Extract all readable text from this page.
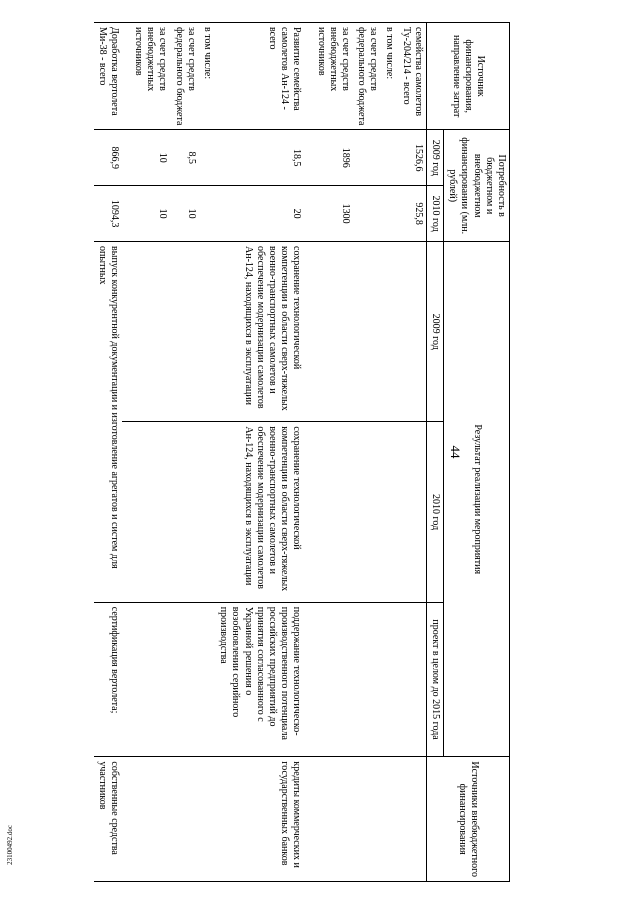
44
23100492.doc
Источник финансирования, направление затрат	Потребность в бюджетном и внебюджетном финансировании (млн. рублей)		Результат реализации мероприятия			Источники внебюджетного финансирования
	2009 год	2010 год	2009 год	2010 год	проект в целом до 2015 года	
семейства самолетов Ту-204/214 - всего	1526,6	925,8				
в том числе:						
за счет средств федерального бюджета						
за счет средств внебюджетных источников	1896	1300				

Развитие семейства самолетов Ан-124 - всего	18,5	20	сохранение технологической компетенции в области сверх-тяжелых военно-транспортных самолетов и обеспечение модернизации самолетов Ан-124, находящихся в эксплуатации	сохранение технологической компетенции в области сверх-тяжелых военно-транспортных самолетов и обеспечение модернизации самолетов Ан-124, находящихся в эксплуатации	поддержание технологическо-производственного потенциала российских предприятий до принятия согласованного с Украиной решения о возобновлении серийного производства	кредиты коммерческих и государственных банков
в том числе:						
за счет средств федерального бюджета	8,5	10				
за счет средств внебюджетных источников	10	10				

Доработка вертолета Ми-38 - всего	866,9	1094,3	выпуск конкурентной документации и изготовление агрегатов и систем для опытных		сертификация вертолета;	собственные средства участников
